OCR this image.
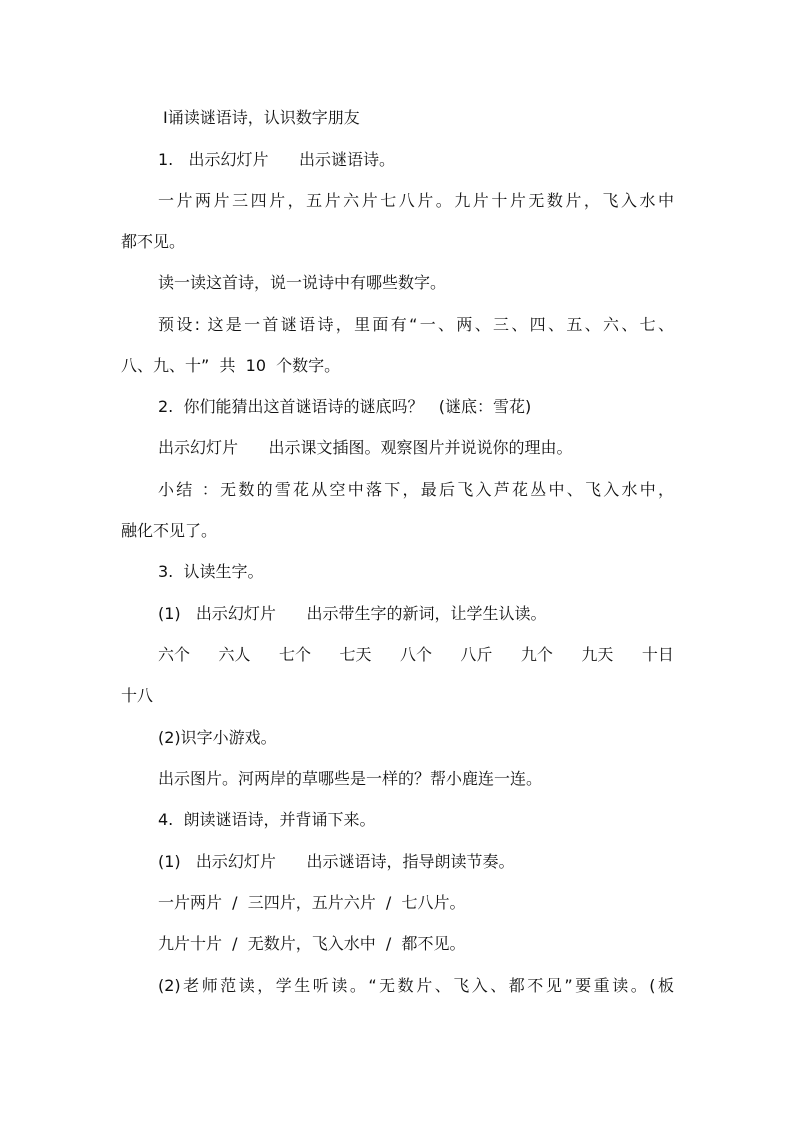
Ⅰ诵读谜语诗，认识数字朋友
1.   出示幻灯片      出示谜语诗。
一片两片三四片，五片六片七八片。九片十片无数片，飞入水中
都不见。
读一读这首诗，说一说诗中有哪些数字。
预设: 这是一首谜语诗，里面有“一、两、三、四、五、六、七、
八、九、十”  共  10  个数字。
2.  你们能猜出这首谜语诗的谜底吗？   (谜底：雪花)
出示幻灯片      出示课文插图。观察图片并说说你的理由。
小结 ：无数的雪花从空中落下，最后飞入芦花丛中、飞入水中，
融化不见了。
3.  认读生字。
(1)   出示幻灯片      出示带生字的新词，让学生认读。
六个 六人 七个 七天 八个 八斤 九个 九天 十日
十八
(2)识字小游戏。
出示图片。河两岸的草哪些是一样的？帮小鹿连一连。
4.  朗读谜语诗，并背诵下来。
(1)   出示幻灯片      出示谜语诗，指导朗读节奏。
一片两片  /  三四片，五片六片  /  七八片。
九片十片  /  无数片，飞入水中  /  都不见。
(2)老师范读，学生听读。“无数片、飞入、都不见”要重读。(板
